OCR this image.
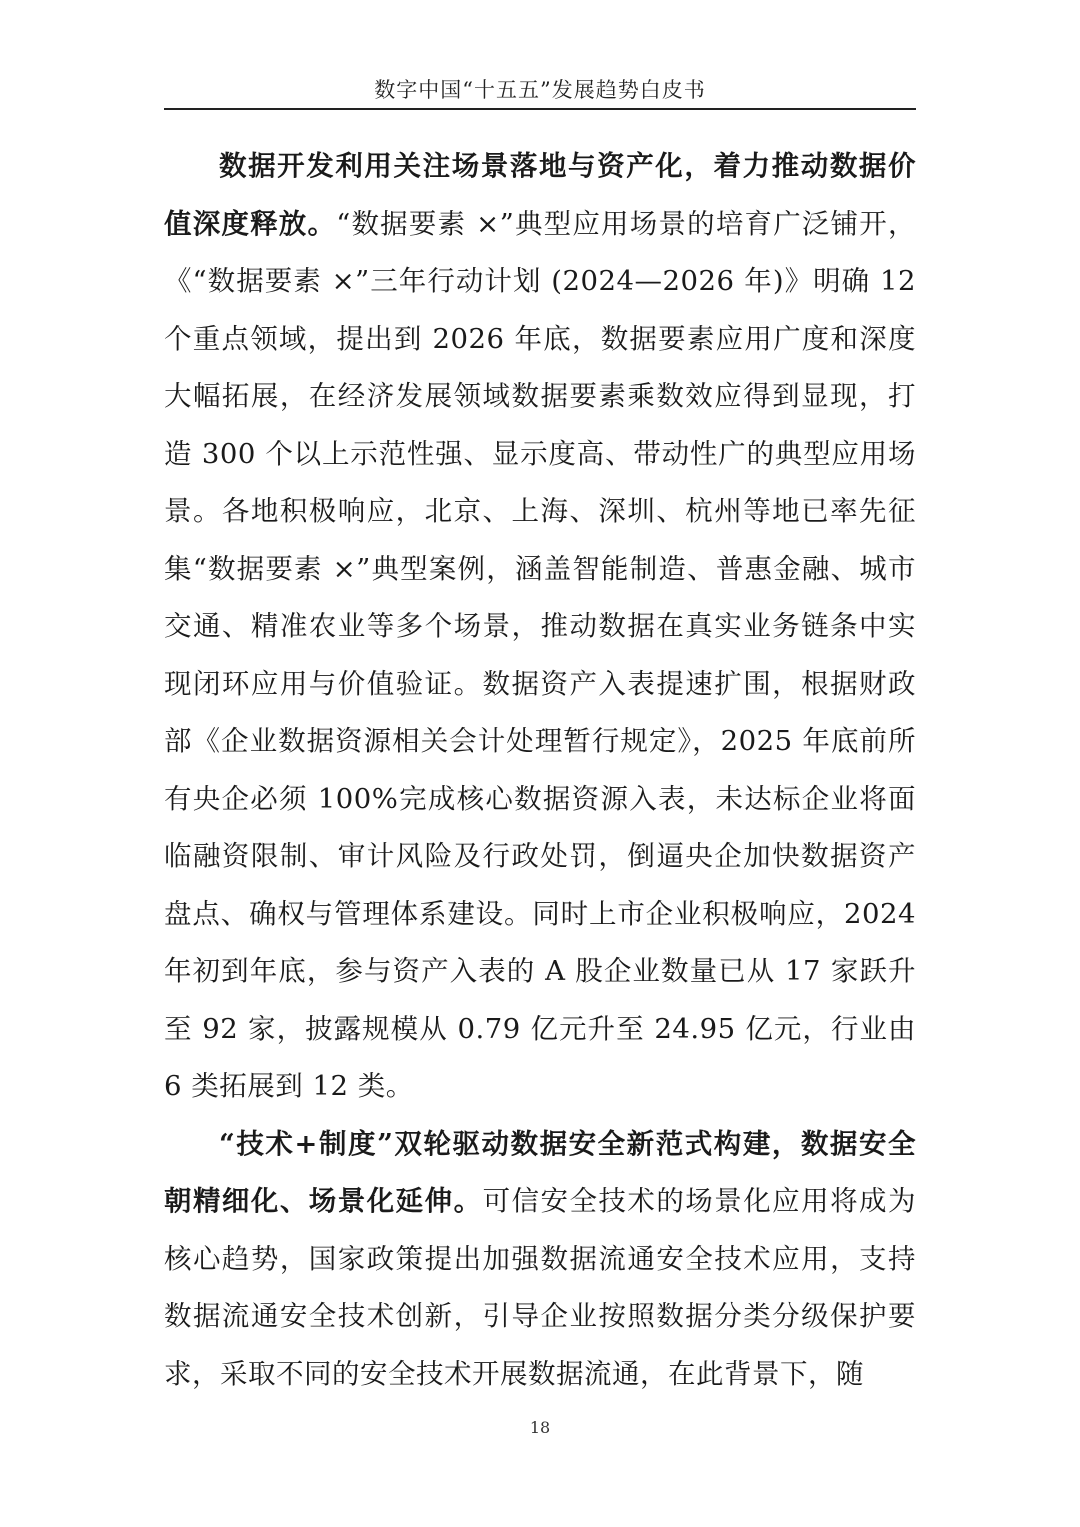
数字中国“十五五”发展趋势白皮书

数据开发利用关注场景落地与资产化，着力推动数据价值深度释放。“数据要素 ×”典型应用场景的培育广泛铺开，《“数据要素 ×”三年行动计划 (2024—2026 年)》明确 12 个重点领域，提出到 2026 年底，数据要素应用广度和深度大幅拓展，在经济发展领域数据要素乘数效应得到显现，打造 300 个以上示范性强、显示度高、带动性广的典型应用场景。各地积极响应，北京、上海、深圳、杭州等地已率先征集“数据要素 ×”典型案例，涵盖智能制造、普惠金融、城市交通、精准农业等多个场景，推动数据在真实业务链条中实现闭环应用与价值验证。数据资产入表提速扩围，根据财政部《企业数据资源相关会计处理暂行规定》，2025 年底前所有央企必须 100%完成核心数据资源入表，未达标企业将面临融资限制、审计风险及行政处罚，倒逼央企加快数据资产盘点、确权与管理体系建设。同时上市企业积极响应，2024 年初到年底，参与资产入表的 A 股企业数量已从 17 家跃升至 92 家，披露规模从 0.79 亿元升至 24.95 亿元，行业由 6 类拓展到 12 类。

“技术+制度”双轮驱动数据安全新范式构建，数据安全朝精细化、场景化延伸。可信安全技术的场景化应用将成为核心趋势，国家政策提出加强数据流通安全技术应用，支持数据流通安全技术创新，引导企业按照数据分类分级保护要求，采取不同的安全技术开展数据流通，在此背景下，随

18
